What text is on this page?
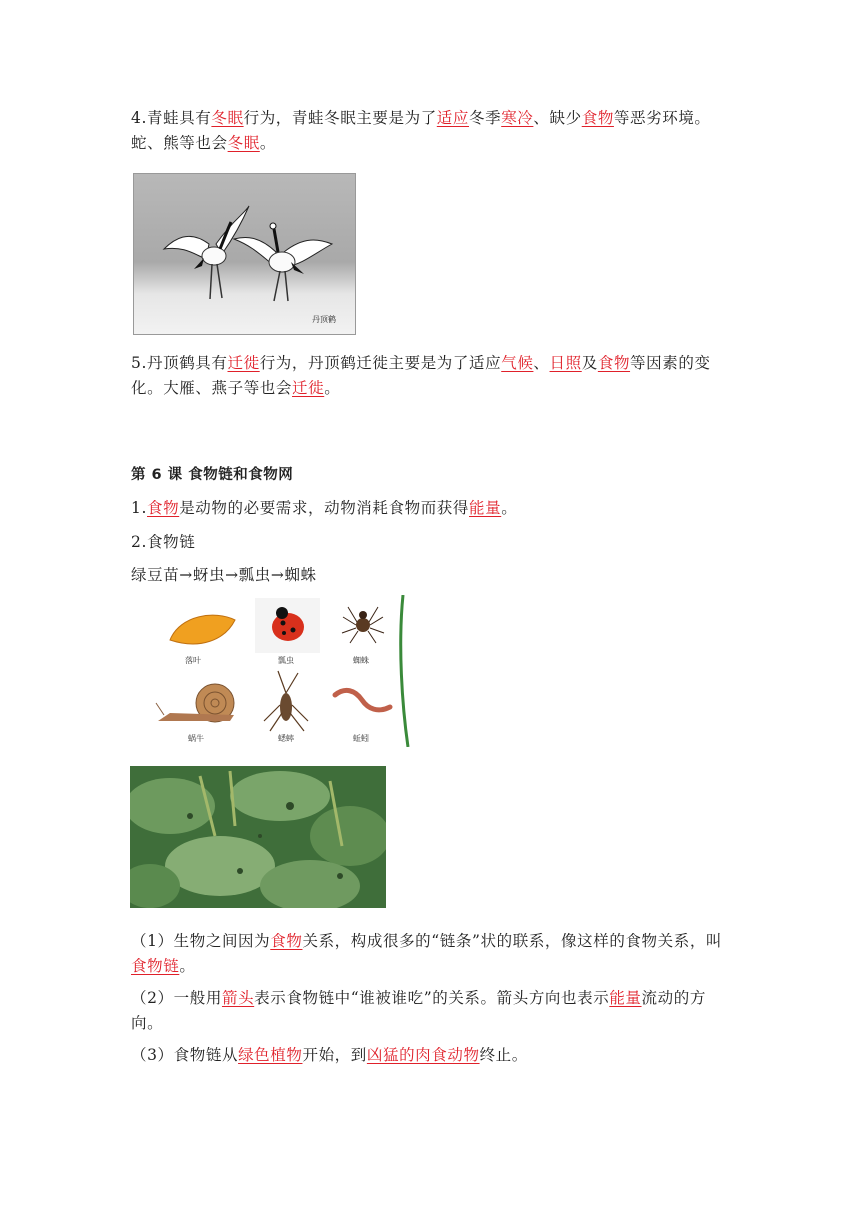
4.青蛙具有冬眠行为，青蛙冬眠主要是为了适应冬季寒冷、缺少食物等恶劣环境。蛇、熊等也会冬眠。

丹顶鹤

5.丹顶鹤具有迁徙行为，丹顶鹤迁徙主要是为了适应气候、日照及食物等因素的变化。大雁、燕子等也会迁徙。

第 6 课 食物链和食物网

1.食物是动物的必要需求，动物消耗食物而获得能量。

2.食物链

绿豆苗→蚜虫→瓢虫→蜘蛛

落叶	瓢虫	蜘蛛
蜗牛	蟋蟀	蚯蚓

（1）生物之间因为食物关系，构成很多的“链条”状的联系，像这样的食物关系，叫食物链。

（2）一般用箭头表示食物链中“谁被谁吃”的关系。箭头方向也表示能量流动的方向。

（3）食物链从绿色植物开始，到凶猛的肉食动物终止。
